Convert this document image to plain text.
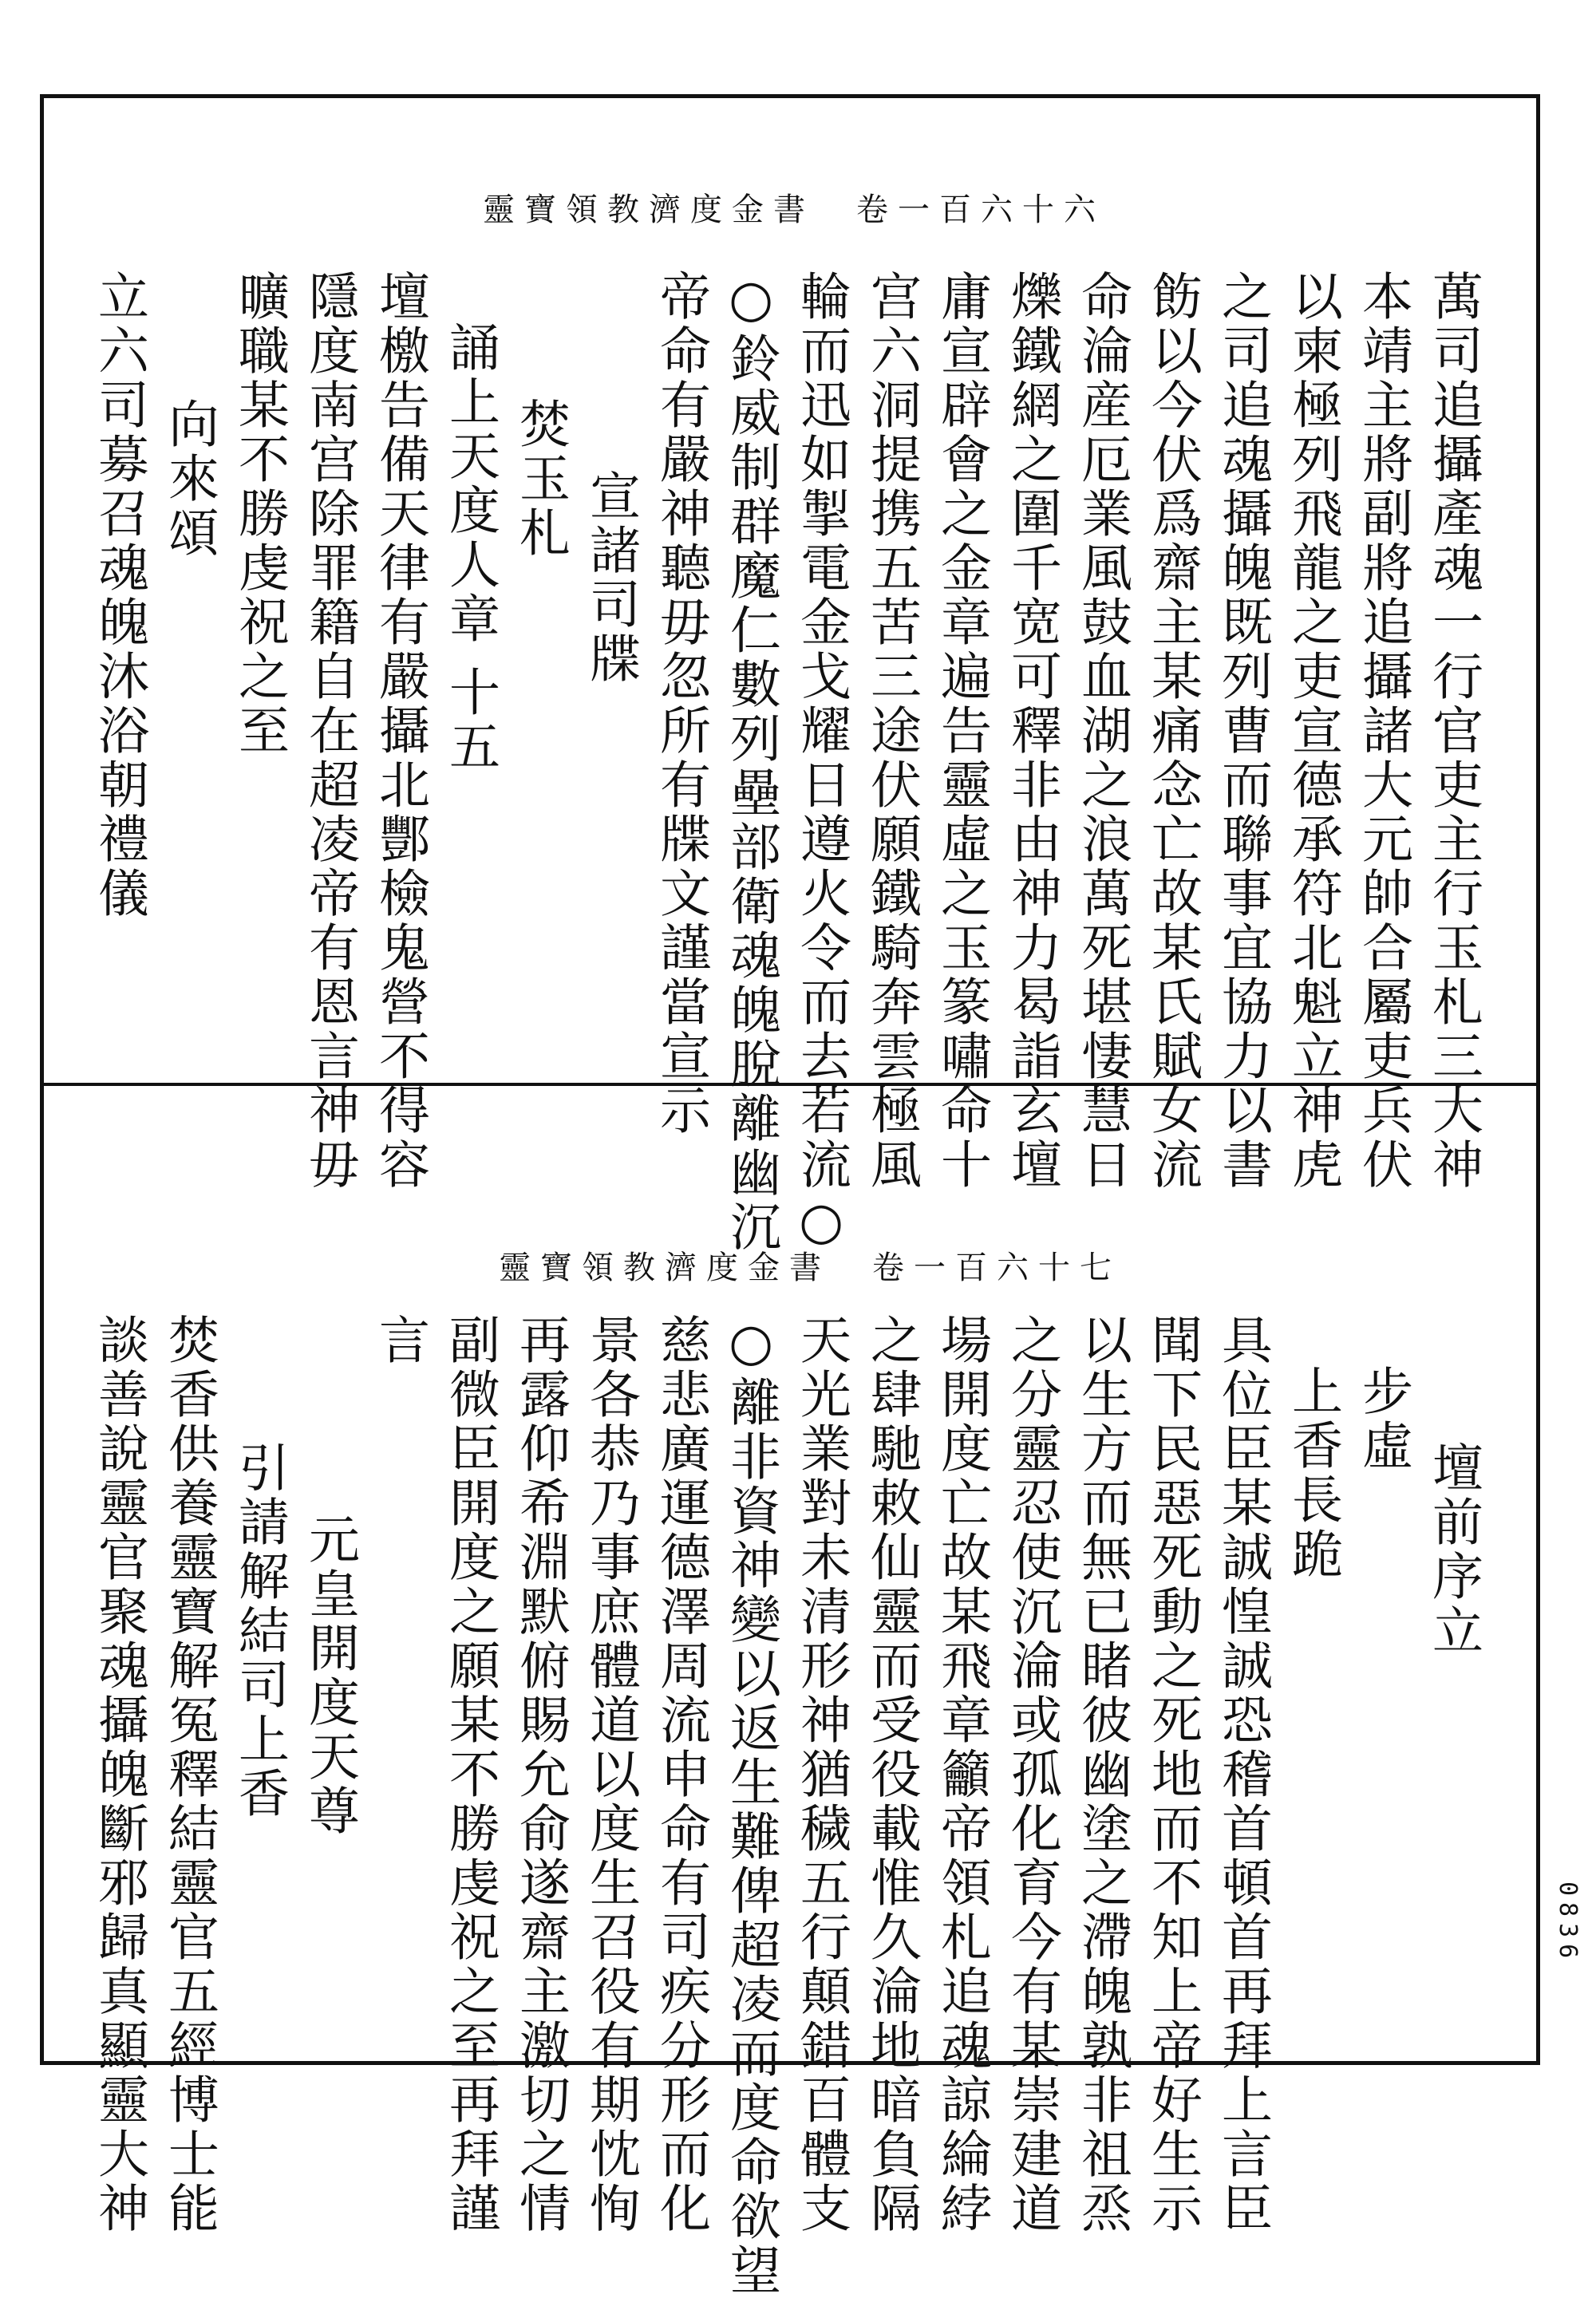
靈寶領教濟度金書　卷一百六十六
萬司追攝產魂一行官吏主行玉札三大神
本靖主將副將追攝諸大元帥合屬吏兵伏
以柬極列飛龍之吏宣德承符北魁立神虎
之司追魂攝魄既列曹而聯事宜協力以書
飭以今伏爲齋主某痛念亡故某氏賦女流
命淪産厄業風鼓血湖之浪萬死堪悽慧日
爍鐵網之圍千宽可釋非由神力曷詣玄壇
庸宣辟會之金章遍告靈虛之玉篆嘯命十
宫六洞提携五苦三途伏願鐵騎奔雲極風
輪而迅如掣電金戈耀日遵火令而去若流○
○鈴威制群魔仁數列壘部衛魂魄脫離幽沉
帝命有嚴神聽毋忽所有牒文謹當宣示
宣諸司牒
焚玉札
誦上天度人章 十五
壇檄告備天律有嚴攝北酆檢鬼營不得容
隱度南宫除罪籍自在超凌帝有恩言神毋
曠職某不勝虔祝之至
向來頌
立六司募召魂魄沐浴朝禮儀
靈寶領教濟度金書　卷一百六十七
壇前序立
步虛
上香長跪
具位臣某誠惶誠恐稽首頓首再拜上言臣
聞下民惡死動之死地而不知上帝好生示
以生方而無已睹彼幽塗之滯魄孰非祖烝
之分靈忍使沉淪或孤化育今有某崇建道
場開度亡故某飛章籲帝領札追魂諒綸綍
之肆馳敕仙靈而受役載惟久淪地暗負隔
天光業對未清形神猶穢五行顛錯百體支
○離非資神變以返生難俾超凌而度命欲望
慈悲廣運德澤周流申命有司疾分形而化
景各恭乃事庶體道以度生召役有期忱恂
再露仰希淵默俯賜允俞遂齋主激切之情
副微臣開度之願某不勝虔祝之至再拜謹
言
元皇開度天尊
引請解結司上香
焚香供養靈寶解冤釋結靈官五經博士能
談善說靈官聚魂攝魄斷邪歸真顯靈大神	0836
